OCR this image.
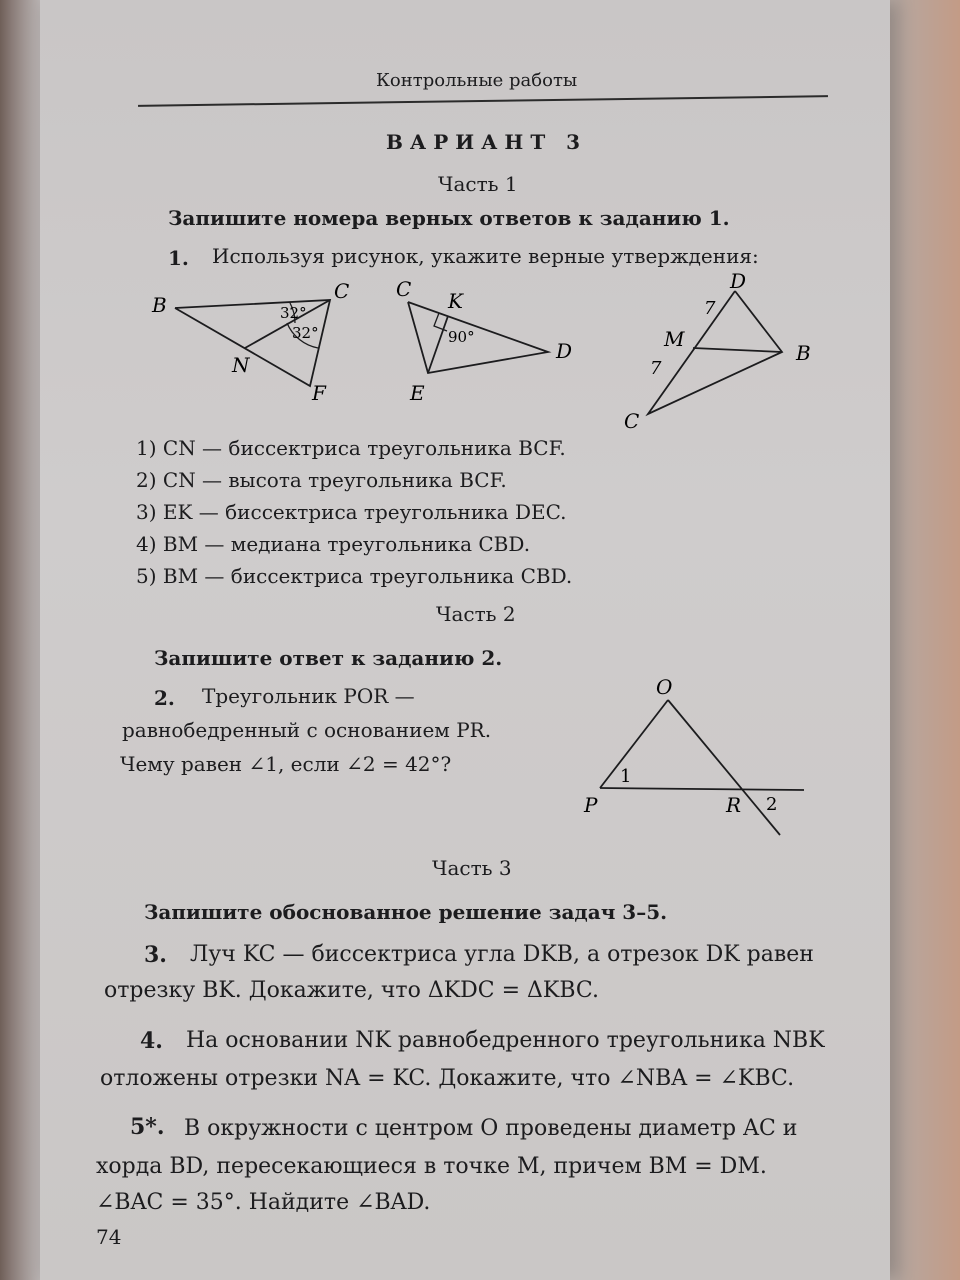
Контрольные работы
ВАРИАНТ 3
Часть 1
Запишите номера верных ответов к заданию 1.
1. Используя рисунок, укажите верные утверждения:
B
C
N
F
32°
32°
C K
D
E
90°
D
M
B
C
7
7
1) CN — биссектриса треугольника BCF.
2) CN — высота треугольника BCF.
3) EK — биссектриса треугольника DEC.
4) BM — медиана треугольника CBD.
5) BM — биссектриса треугольника CBD.
Часть 2
Запишите ответ к заданию 2.
2. Треугольник POR —
равнобедренный с основанием PR.
Чему равен ∠1, если ∠2 = 42°?
O
P	R
1
2
Часть 3
Запишите обоснованное решение задач 3–5.
3. Луч KC — биссектриса угла DKB, а отрезок DK равен
отрезку BK. Докажите, что ΔKDC = ΔKBC.
4. На основании NK равнобедренного треугольника NBK
отложены отрезки NA = KC. Докажите, что ∠NBA = ∠KBC.
5*. В окружности с центром O проведены диаметр AC и
хорда BD, пересекающиеся в точке M, причем BM = DM.
∠BAC = 35°. Найдите ∠BAD.
74
